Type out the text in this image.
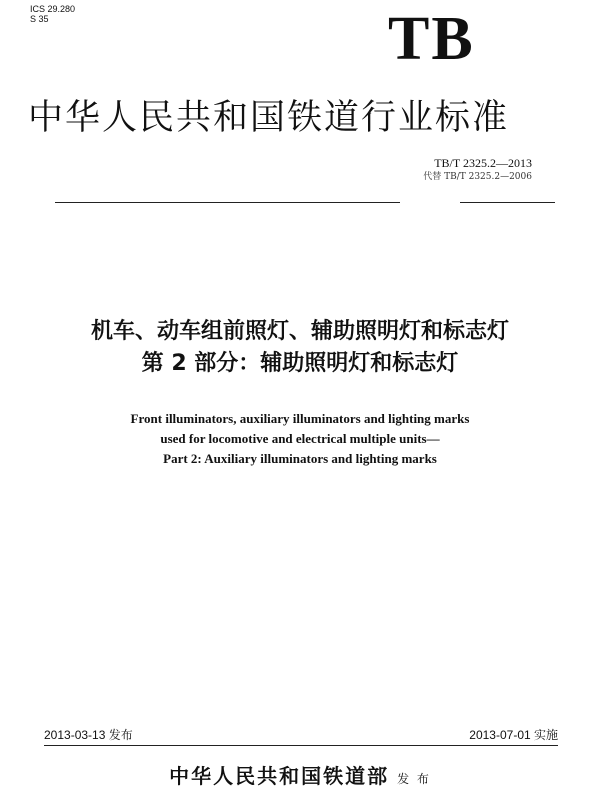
ICS 29.280
S 35	TB
中华人民共和国铁道行业标准
TB/T 2325.2—2013
代替 TB/T 2325.2—2006
机车、动车组前照灯、辅助照明灯和标志灯
第 2 部分：辅助照明灯和标志灯
Front illuminators, auxiliary illuminators and lighting marks
used for locomotive and electrical multiple units—
Part 2: Auxiliary illuminators and lighting marks
2013-03-13 发布	2013-07-01 实施
中华人民共和国铁道部 发 布
